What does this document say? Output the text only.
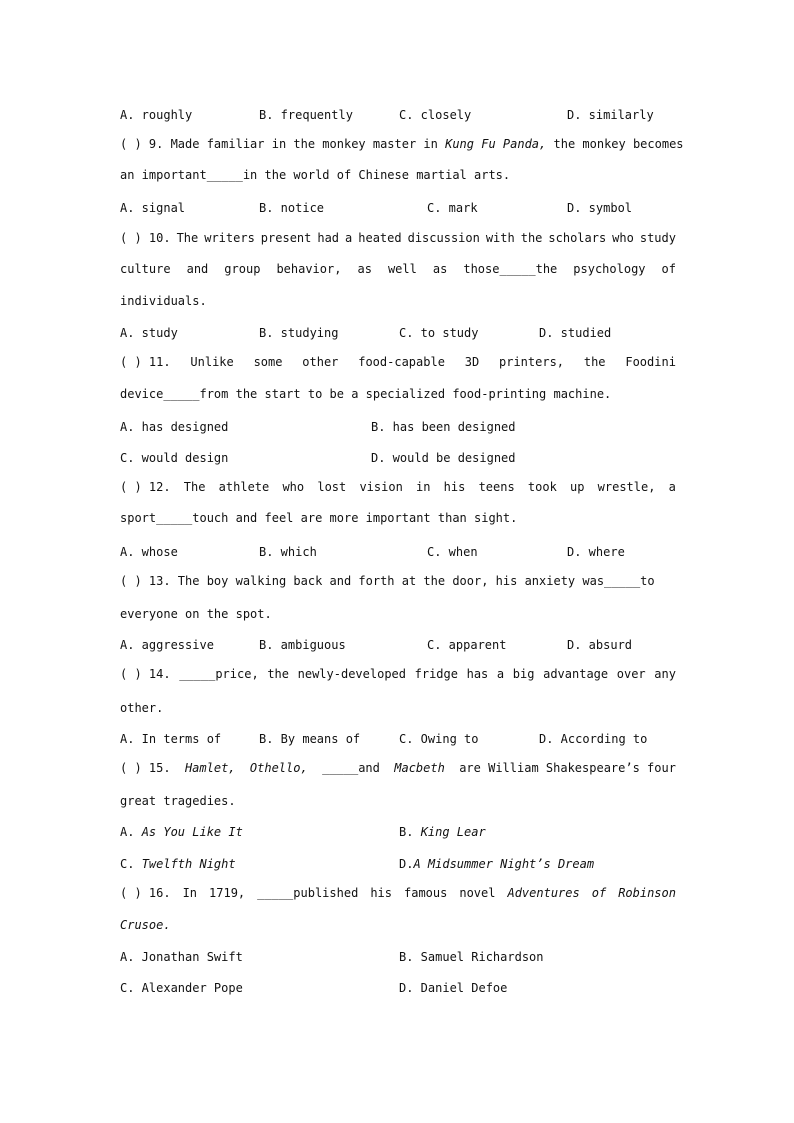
A. roughly	B. frequently	C. closely	D. similarly
( ) 9. Made familiar in the monkey master in Kung Fu Panda, the monkey becomes
an important_____in the world of Chinese martial arts.
A. signal	B. notice	C. mark	D. symbol
( ) 10. The writers present had a heated discussion with the scholars who study
culture and group behavior, as well as those_____the psychology of
individuals.
A. study	B. studying	C. to study	D. studied
( ) 11. Unlike some other food-capable 3D printers, the Foodini
device_____from the start to be a specialized food-printing machine.
A. has designed	B. has been designed
C. would design	D. would be designed
( ) 12. The athlete who lost vision in his teens took up wrestle, a
sport_____touch and feel are more important than sight.
A. whose	B. which	C. when	D. where
( ) 13. The boy walking back and forth at the door, his anxiety was_____to
everyone on the spot.
A. aggressive	B. ambiguous	C. apparent	D. absurd
( ) 14. _____price, the newly-developed fridge has a big advantage over any
other.
A. In terms of	B. By means of	C. Owing to	D. According to
( ) 15. Hamlet, Othello, _____and Macbeth are William Shakespeare’s four
great tragedies.
A. As You Like It	B. King Lear
C. Twelfth Night	D.A Midsummer Night’s Dream
( ) 16. In 1719, _____published his famous novel Adventures of Robinson
Crusoe.
A. Jonathan Swift	B. Samuel Richardson
C. Alexander Pope	D. Daniel Defoe
